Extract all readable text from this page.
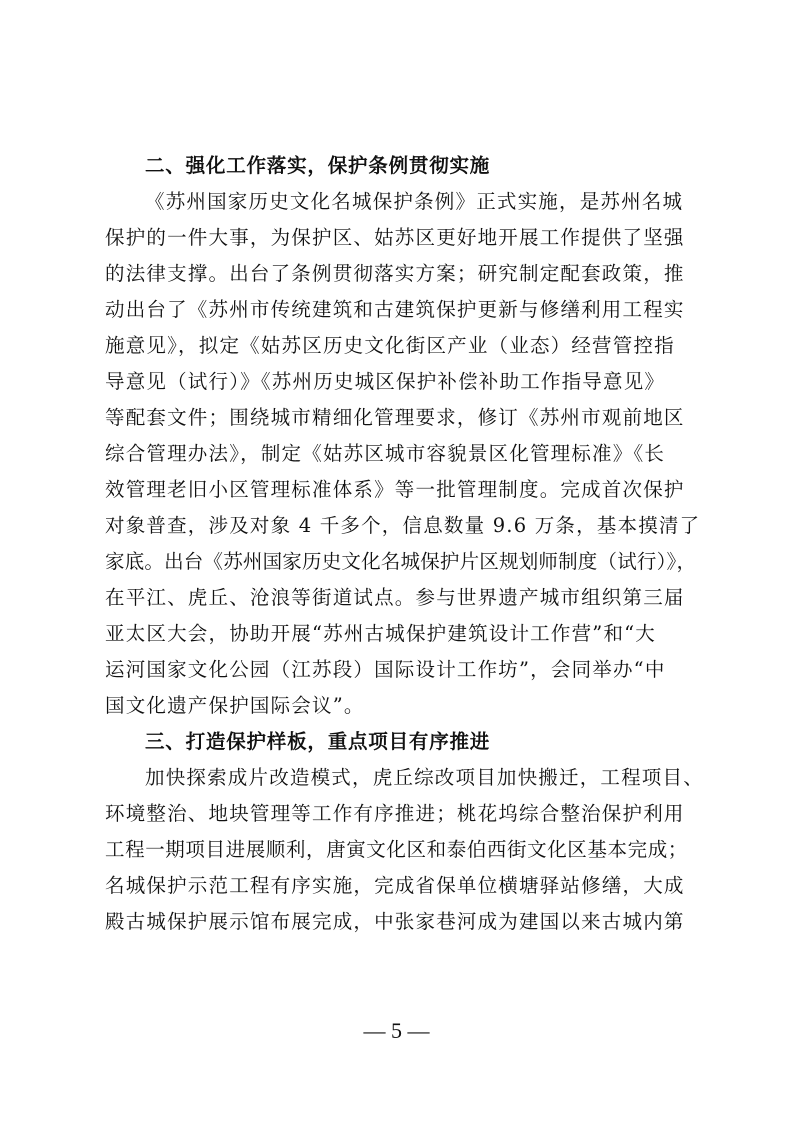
二、强化工作落实，保护条例贯彻实施
《苏州国家历史文化名城保护条例》正式实施，是苏州名城
保护的一件大事，为保护区、姑苏区更好地开展工作提供了坚强
的法律支撑。出台了条例贯彻落实方案；研究制定配套政策，推
动出台了《苏州市传统建筑和古建筑保护更新与修缮利用工程实
施意见》，拟定《姑苏区历史文化街区产业（业态）经营管控指
导意见（试行）》《苏州历史城区保护补偿补助工作指导意见》
等配套文件；围绕城市精细化管理要求，修订《苏州市观前地区
综合管理办法》，制定《姑苏区城市容貌景区化管理标准》《长
效管理老旧小区管理标准体系》等一批管理制度。完成首次保护
对象普查，涉及对象 4 千多个，信息数量 9.6 万条，基本摸清了
家底。出台《苏州国家历史文化名城保护片区规划师制度（试行）》，
在平江、虎丘、沧浪等街道试点。参与世界遗产城市组织第三届
亚太区大会，协助开展“苏州古城保护建筑设计工作营”和“大
运河国家文化公园（江苏段）国际设计工作坊”，会同举办“中
国文化遗产保护国际会议”。
三、打造保护样板，重点项目有序推进
加快探索成片改造模式，虎丘综改项目加快搬迁，工程项目、
环境整治、地块管理等工作有序推进；桃花坞综合整治保护利用
工程一期项目进展顺利，唐寅文化区和泰伯西街文化区基本完成；
名城保护示范工程有序实施，完成省保单位横塘驿站修缮，大成
殿古城保护展示馆布展完成，中张家巷河成为建国以来古城内第
— 5 —
